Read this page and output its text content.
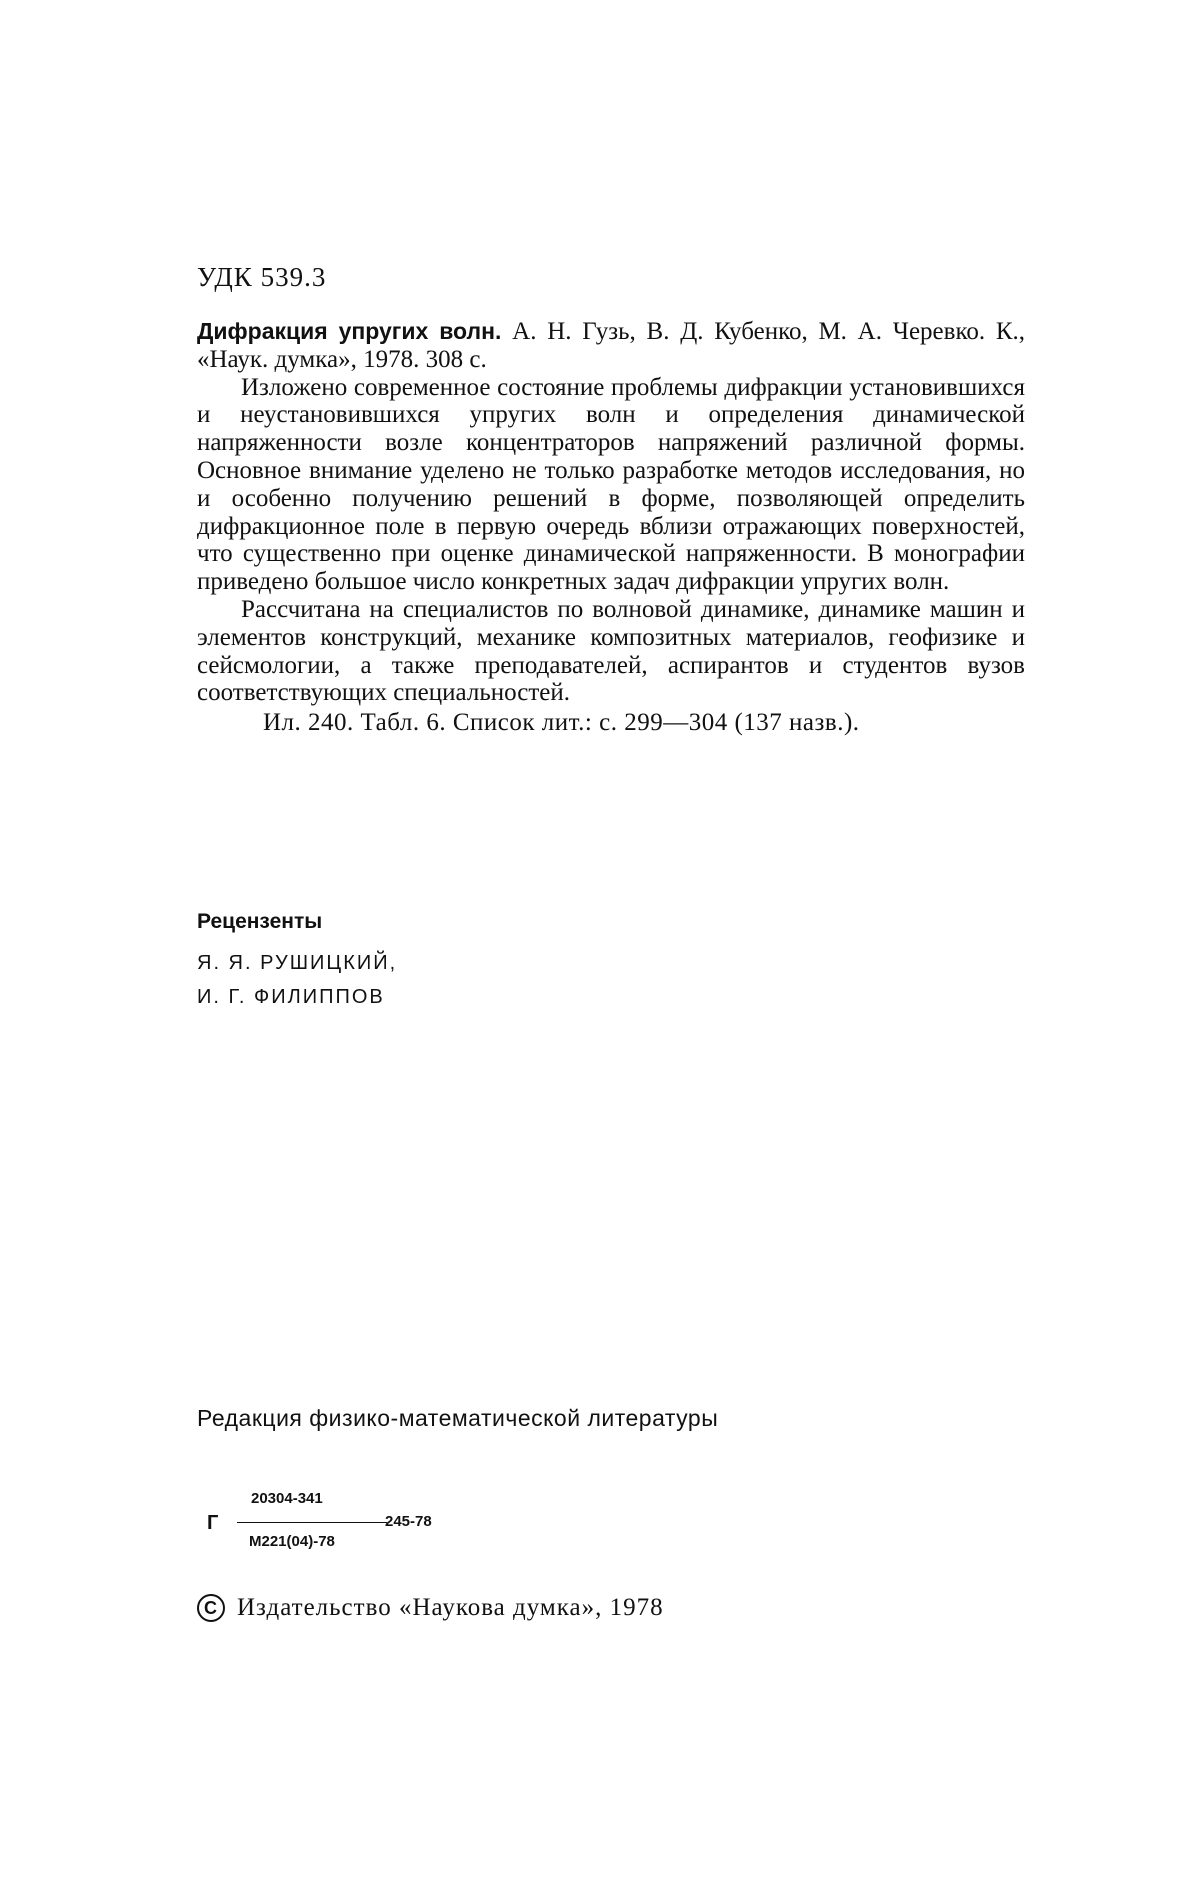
УДК 539.3

Дифракция упругих волн. А. Н. Гузь, В. Д. Кубенко, М. А. Черевко. К., «Наук. думка», 1978. 308 с.

Изложено современное состояние проблемы дифракции установившихся и неустановившихся упругих волн и определения динамической напряженности возле концентраторов напряжений различной формы. Основное внимание уделено не только разработке методов исследования, но и особенно получению решений в форме, позволяющей определить дифракционное поле в первую очередь вблизи отражающих поверхностей, что существенно при оценке динамической напряженности. В монографии приведено большое число конкретных задач дифракции упругих волн.

Рассчитана на специалистов по волновой динамике, динамике машин и элементов конструкций, механике композитных материалов, геофизике и сейсмологии, а также преподавателей, аспирантов и студентов вузов соответствующих специальностей.

Ил. 240. Табл. 6. Список лит.: с. 299—304 (137 назв.).

Рецензенты
Я. Я. РУШИЦКИЙ,
И. Г. ФИЛИППОВ
Редакция физико-математической литературы
Г
20304-341
245-78
М221(04)-78
C Издательство «Наукова думка», 1978
